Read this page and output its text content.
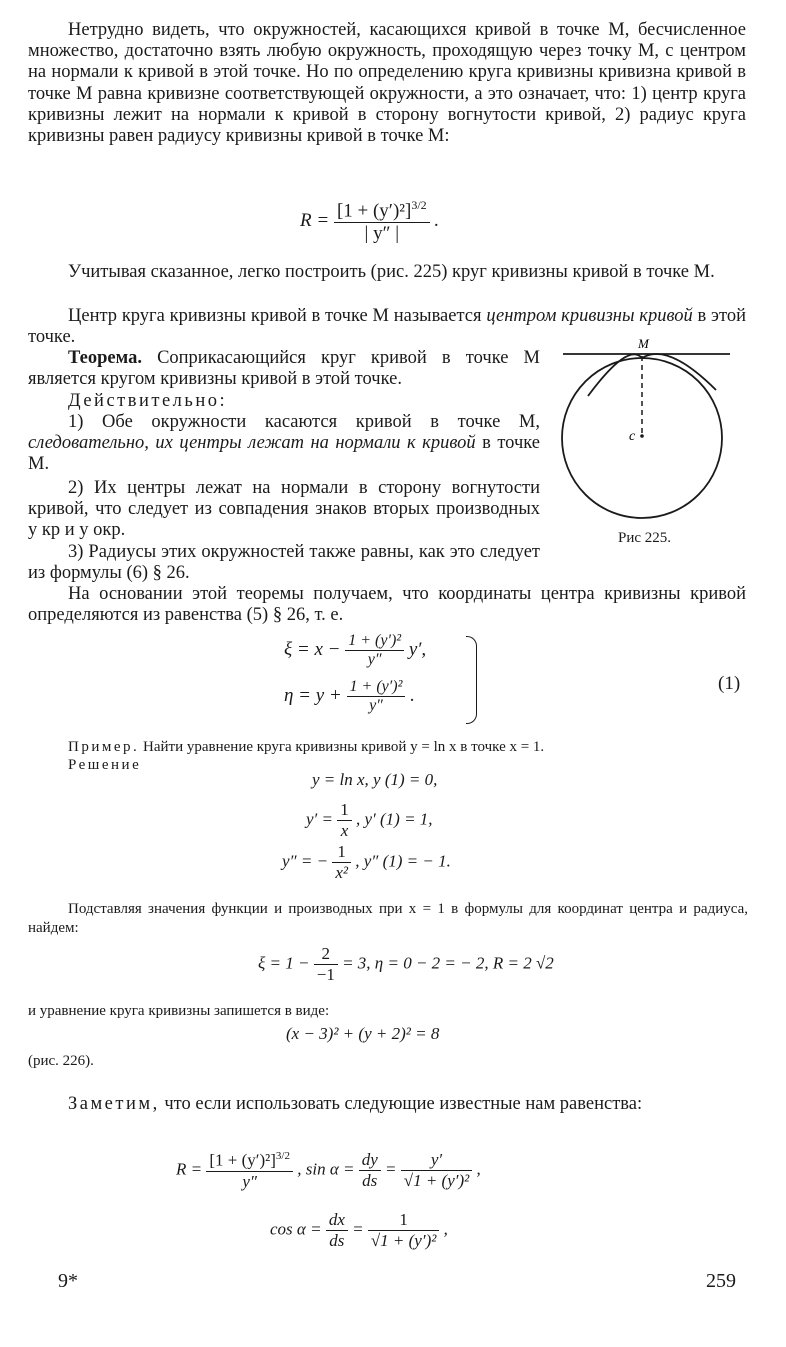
Нетрудно видеть, что окружностей, касающихся кривой в точке М, бесчисленное множество, достаточно взять любую окружность, проходящую через точку М, с центром на нормали к кривой в этой точке. Но по определению круга кривизны кривизна кривой в точке М равна кривизне соответствующей окружности, а это означает, что: 1) центр круга кривизны лежит на нормали к кривой в сторону вогнутости кривой, 2) радиус круга кривизны равен радиусу кривизны кривой в точке М:

$R = \frac{[1 + (y')^2]^{3/2}}{| y'' |}$ .

Учитывая сказанное, легко построить (рис. 225) круг кривизны кривой в точке М.

Центр круга кривизны кривой в точке М называется центром кривизны кривой в этой точке.

Теорема. Соприкасающийся круг кривой в точке М является кругом кривизны кривой в этой точке.

Действительно:

1) Обе окружности касаются кривой в точке М, следовательно, их центры лежат на нормали к кривой в точке М.

2) Их центры лежат на нормали в сторону вогнутости кривой, что следует из совпадения знаков вторых производных y кр и y окр.

3) Радиусы этих окружностей также равны, как это следует из формулы (6) § 26.

M
c
Рис 225.

На основании этой теоремы получаем, что координаты центра кривизны кривой определяются из равенства (5) § 26, т. е.

$\xi = x - \frac{\text{1 + (y′)²}}{y''} y'$,
$\eta = y + \frac{\text{1 + (y′)²}}{y''}$ .
(1)

Пример. Найти уравнение круга кривизны кривой y = ln x в точке x = 1.

Решение

y = ln x, y (1) = 0,
$y' = \frac{1}{x}$ , y′ (1) = 1,
y″ = − $\frac{1}{\text{x²}}$ , y″ (1) = − 1.

Подставляя значения функции и производных при x = 1 в формулы для координат центра и радиуса, найдем:

$\xi = 1 - \frac{2}{-1} = 3$, η = 0 − 2 = − 2, R = 2 √2

и уравнение круга кривизны запишется в виде:

(x − 3)² + (y + 2)² = 8

(рис. 226).

Заметим, что если использовать следующие известные нам равенства:

$R = \frac{[1 + (y')^2]^{3/2}}{y''}$ , $\sin \alpha = \frac{dy}{ds} = \frac{y'}{\text{√1 + (y′)²}}$ ,
$\cos \alpha = \frac{dx}{ds} = \frac{1}{\text{√1 + (y′)²}}$ ,
9*	259
